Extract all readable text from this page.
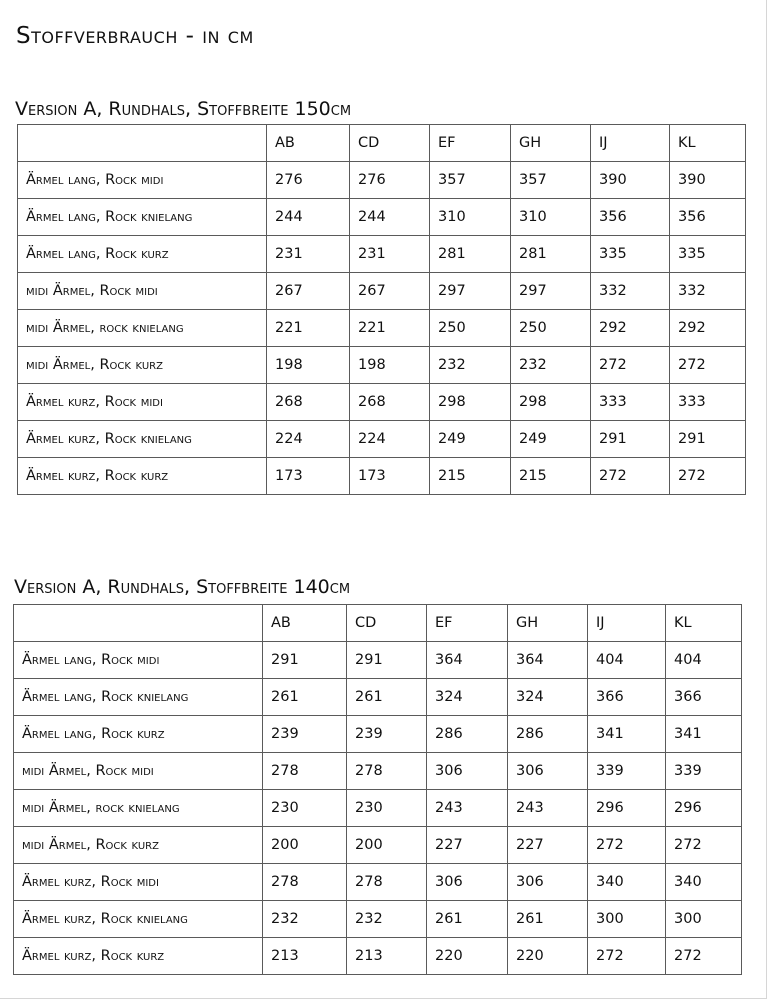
Stoffverbrauch - in cm
Version A, Rundhals, Stoffbreite 150cm
	AB	CD	EF	GH	IJ	KL
Ärmel lang, Rock midi	276	276	357	357	390	390
Ärmel lang, Rock knielang	244	244	310	310	356	356
Ärmel lang, Rock kurz	231	231	281	281	335	335
midi Ärmel, Rock midi	267	267	297	297	332	332
midi Ärmel, rock knielang	221	221	250	250	292	292
midi Ärmel, Rock kurz	198	198	232	232	272	272
Ärmel kurz, Rock midi	268	268	298	298	333	333
Ärmel kurz, Rock knielang	224	224	249	249	291	291
Ärmel kurz, Rock kurz	173	173	215	215	272	272
Version A, Rundhals, Stoffbreite 140cm
	AB	CD	EF	GH	IJ	KL
Ärmel lang, Rock midi	291	291	364	364	404	404
Ärmel lang, Rock knielang	261	261	324	324	366	366
Ärmel lang, Rock kurz	239	239	286	286	341	341
midi Ärmel, Rock midi	278	278	306	306	339	339
midi Ärmel, rock knielang	230	230	243	243	296	296
midi Ärmel, Rock kurz	200	200	227	227	272	272
Ärmel kurz, Rock midi	278	278	306	306	340	340
Ärmel kurz, Rock knielang	232	232	261	261	300	300
Ärmel kurz, Rock kurz	213	213	220	220	272	272
